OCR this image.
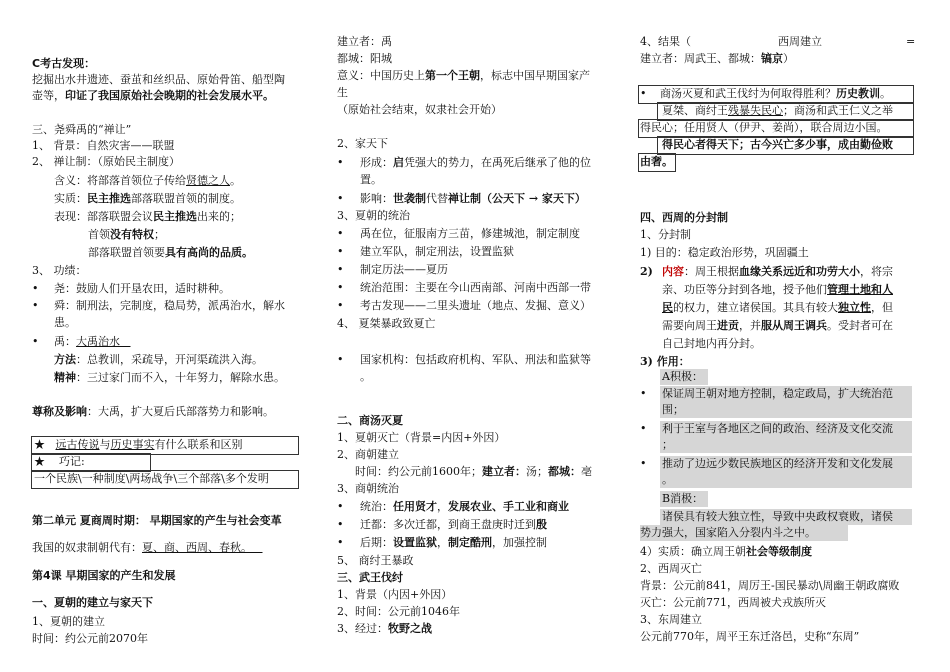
C考古发现：
挖掘出水井遗迹、蚕茧和丝织品、原始骨笛、船型陶
壶等，印证了我国原始社会晚期的社会发展水平。
三、尧舜禹的“禅让”
1、 背景：自然灾害——联盟
2、 禅让制：（原始民主制度）
含义：将部落首领位子传给贤德之人。
实质：民主推选部落联盟首领的制度。
表现：部落联盟会议民主推选出来的；
首领没有特权；
部落联盟首领要具有高尚的品质。
3、 功绩：
• 尧：鼓励人们开垦农田，适时耕种。
• 舜：制刑法，完制度，稳局势，派禹治水，解水
患。
• 禹：大禹治水
方法：总教训，采疏导，开河渠疏洪入海。
精神：三过家门而不入，十年努力，解除水患。
尊称及影响：大禹，扩大夏后氏部落势力和影响。
★ 远古传说与历史事实有什么联系和区别
★ 巧记:
一个民族\一种制度\两场战争\三个部落\多个发明
第二单元 夏商周时期： 早期国家的产生与社会变革
我国的奴隶制朝代有：夏、商、西周、春秋。
第4课 早期国家的产生和发展
一、夏朝的建立与家天下
1、夏朝的建立
时间：约公元前2070年
建立者：禹
都城：阳城
意义：中国历史上第一个王朝，标志中国早期国家产
生
（原始社会结束，奴隶社会开始）
2、家天下
• 形成：启凭强大的势力，在禹死后继承了他的位
置。
• 影响：世袭制代替禅让制（公天下 → 家天下）
3、夏朝的统治
• 禹在位，征服南方三苗，修建城池，制定制度
• 建立军队，制定刑法，设置监狱
• 制定历法——夏历
• 统治范围：主要在今山西南部、河南中西部一带
• 考古发现——二里头遗址（地点、发掘、意义）
4、 夏桀暴政致夏亡
• 国家机构：包括政府机构、军队、刑法和监狱等
。
二、商汤灭夏
1、夏朝灭亡（背景=内因+外因）
2、商朝建立
时间：约公元前1600年；建立者：汤；都城：亳
3、商朝统治
• 统治：任用贤才，发展农业、手工业和商业
• 迁都：多次迁都，到商王盘庚时迁到殷
• 后期：设置监狱，制定酷刑，加强控制
5、 商纣王暴政
三、武王伐纣
1、背景（内因+外因）
2、时间：公元前1046年
3、经过：牧野之战
4、结果（	西周建立	=
建立者：周武王、都城：镐京）
• 商汤灭夏和武王伐纣为何取得胜利？历史教训。
夏桀、商纣王残暴失民心；商汤和武王仁义之举
得民心；任用贤人（伊尹、姜尚），联合周边小国。
得民心者得天下；古今兴亡多少事，成由勤俭败
由奢。
四、西周的分封制
1、分封制
1) 目的：稳定政治形势，巩固疆土
2) 内容：周王根据血缘关系远近和功劳大小，将宗
亲、功臣等分封到各地，授予他们管理土地和人
民的权力，建立诸侯国。其具有较大独立性，但
需要向周王进贡，并服从周王调兵。受封者可在
自己封地内再分封。
3) 作用：
A积极：
• 保证周王朝对地方控制，稳定政局，扩大统治范
围；
• 利于王室与各地区之间的政治、经济及文化交流
；
• 推动了边远少数民族地区的经济开发和文化发展
。
B消极：
诸侯具有较大独立性，导致中央政权衰败，诸侯
势力强大，国家陷入分裂内斗之中。
4）实质：确立周王朝社会等级制度
2、西周灭亡
背景：公元前841，周厉王-国民暴动\周幽王朝政腐败
灭亡：公元前771，西周被犬戎族所灭
3、东周建立
公元前770年，周平王东迁洛邑，史称“东周”
